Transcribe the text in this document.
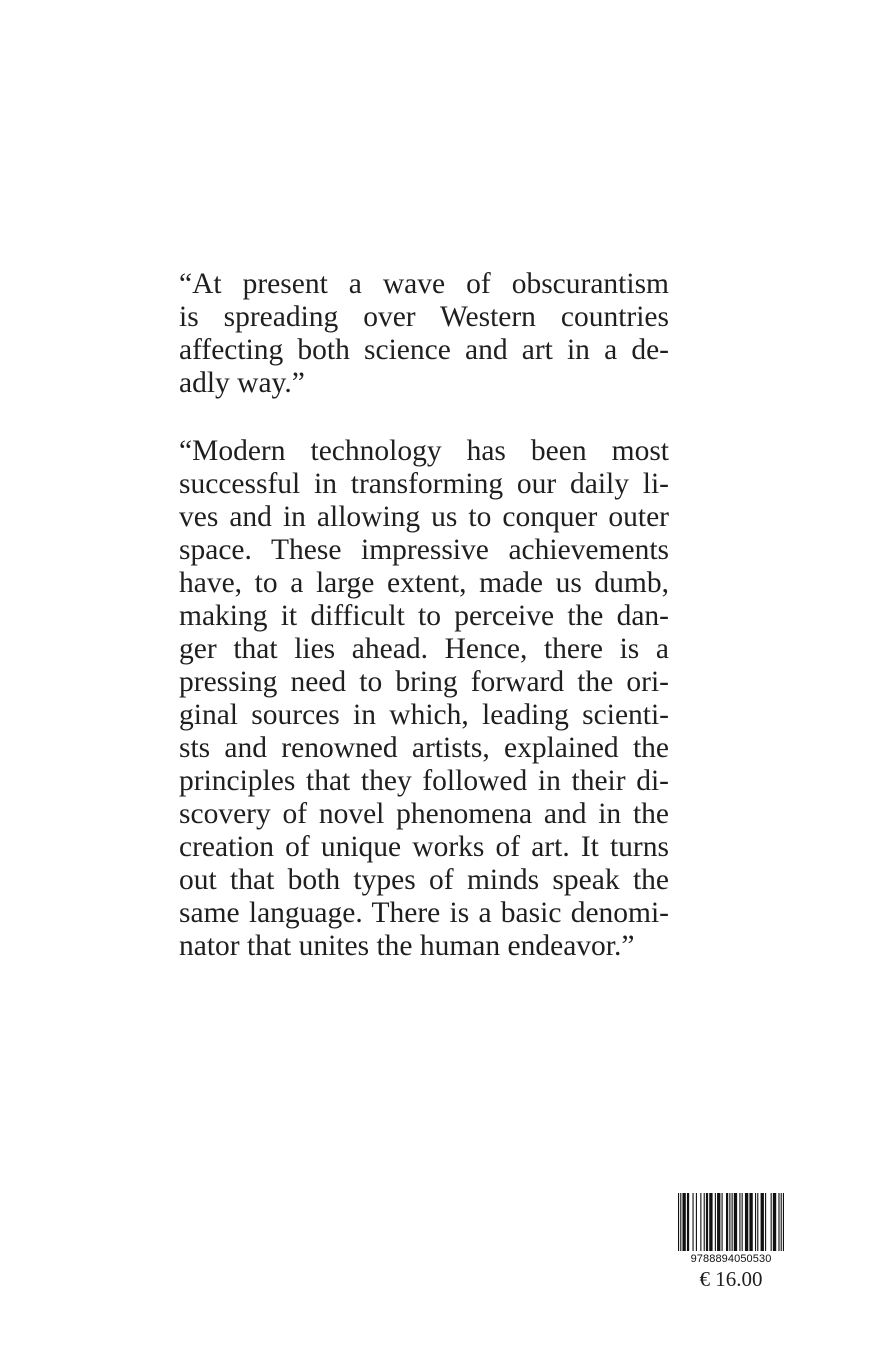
“At present a wave of obscurantism
is spreading over Western countries
affecting both science and art in a de-
adly way.”
“Modern technology has been most
successful in transforming our daily li-
ves and in allowing us to conquer outer
space. These impressive achievements
have, to a large extent, made us dumb,
making it difficult to perceive the dan-
ger that lies ahead. Hence, there is a
pressing need to bring forward the ori-
ginal sources in which, leading scienti-
sts and renowned artists, explained the
principles that they followed in their di-
scovery of novel phenomena and in the
creation of unique works of art. It turns
out that both types of minds speak the
same language. There is a basic denomi-
nator that unites the human endeavor.”
9788894050530
€ 16.00
